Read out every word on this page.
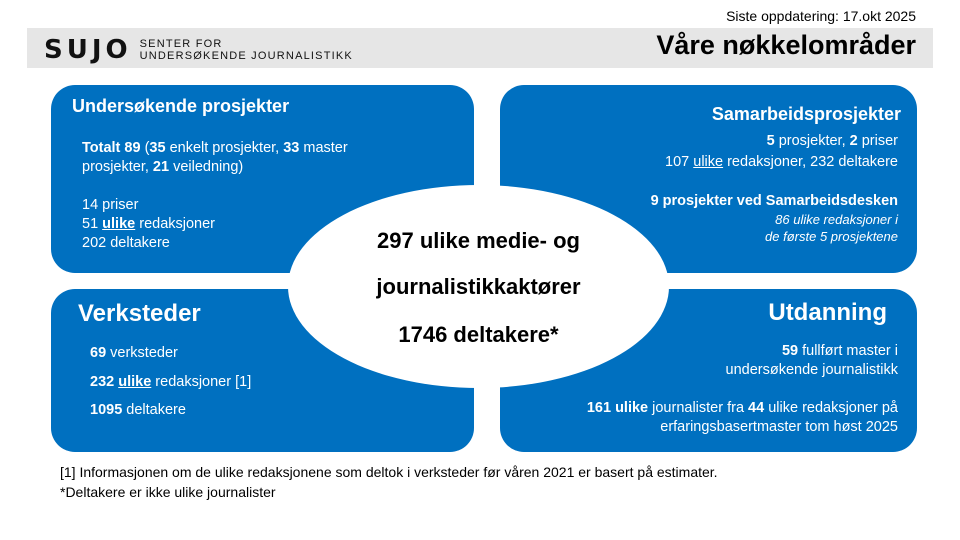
Siste oppdatering: 17.okt 2025
SUJO SENTER FOR
UNDERSØKENDE JOURNALISTIKK	Våre nøkkelområder
Undersøkende prosjekter
Totalt 89 (35 enkelt prosjekter, 33 master
prosjekter, 21 veiledning)
14 priser
51 ulike redaksjoner
202 deltakere
Samarbeidsprosjekter
5 prosjekter, 2 priser
107 ulike redaksjoner, 232 deltakere
9 prosjekter ved Samarbeidsdesken
86 ulike redaksjoner i
de første 5 prosjektene
Verksteder
69 verksteder
232 ulike redaksjoner [1]
1095 deltakere
Utdanning
59 fullført master i
undersøkende journalistikk
161 ulike journalister fra 44 ulike redaksjoner på
erfaringsbasertmaster tom høst 2025
297 ulike medie- og
journalistikkaktører
1746 deltakere*
[1] Informasjonen om de ulike redaksjonene som deltok i verksteder før våren 2021 er basert på estimater.
*Deltakere er ikke ulike journalister
